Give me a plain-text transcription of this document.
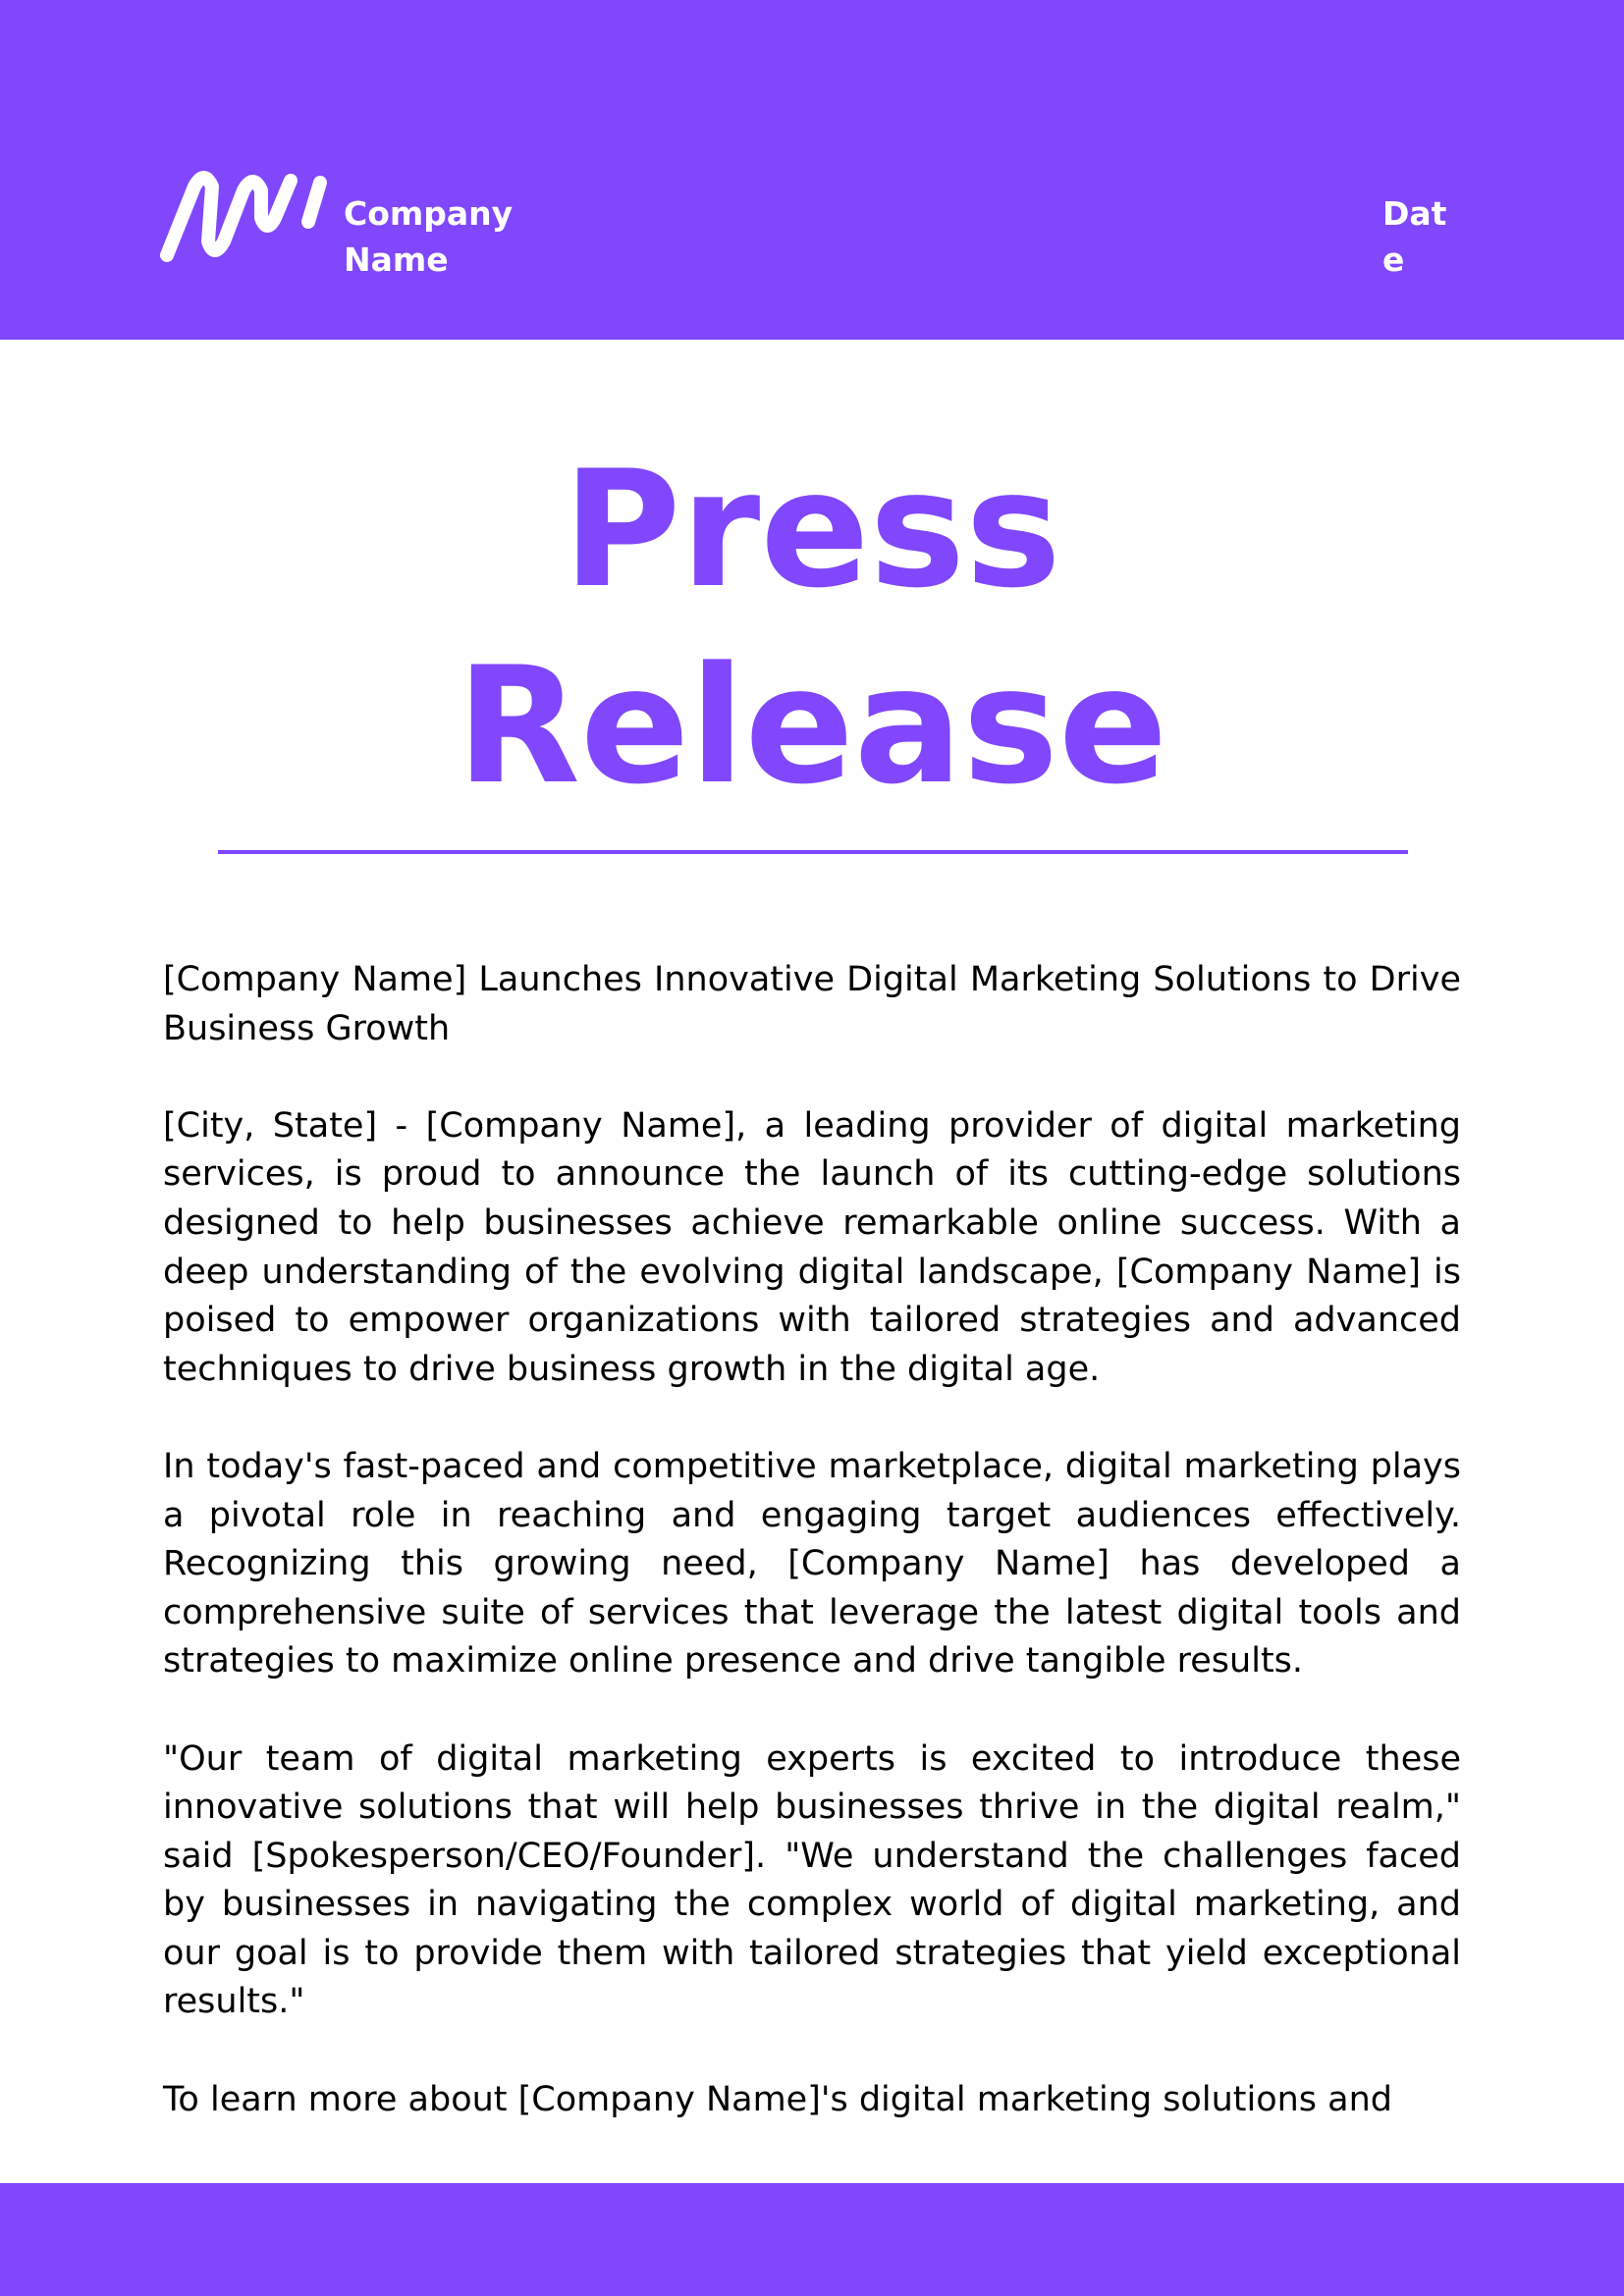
Company Name
Date
Press
Release

[Company Name] Launches Innovative Digital Marketing Solutions to Drive Business Growth

[City, State] - [Company Name], a leading provider of digital marketing services, is proud to announce the launch of its cutting-edge solutions designed to help businesses achieve remarkable online success. With a deep understanding of the evolving digital landscape, [Company Name] is poised to empower organizations with tailored strategies and advanced techniques to drive business growth in the digital age.

In today's fast-paced and competitive marketplace, digital marketing plays a pivotal role in reaching and engaging target audiences effectively. Recognizing this growing need, [Company Name] has developed a comprehensive suite of services that leverage the latest digital tools and strategies to maximize online presence and drive tangible results.

"Our team of digital marketing experts is excited to introduce these innovative solutions that will help businesses thrive in the digital realm," said [Spokesperson/CEO/Founder]. "We understand the challenges faced by businesses in navigating the complex world of digital marketing, and our goal is to provide them with tailored strategies that yield exceptional results."

To learn more about [Company Name]'s digital marketing solutions and
